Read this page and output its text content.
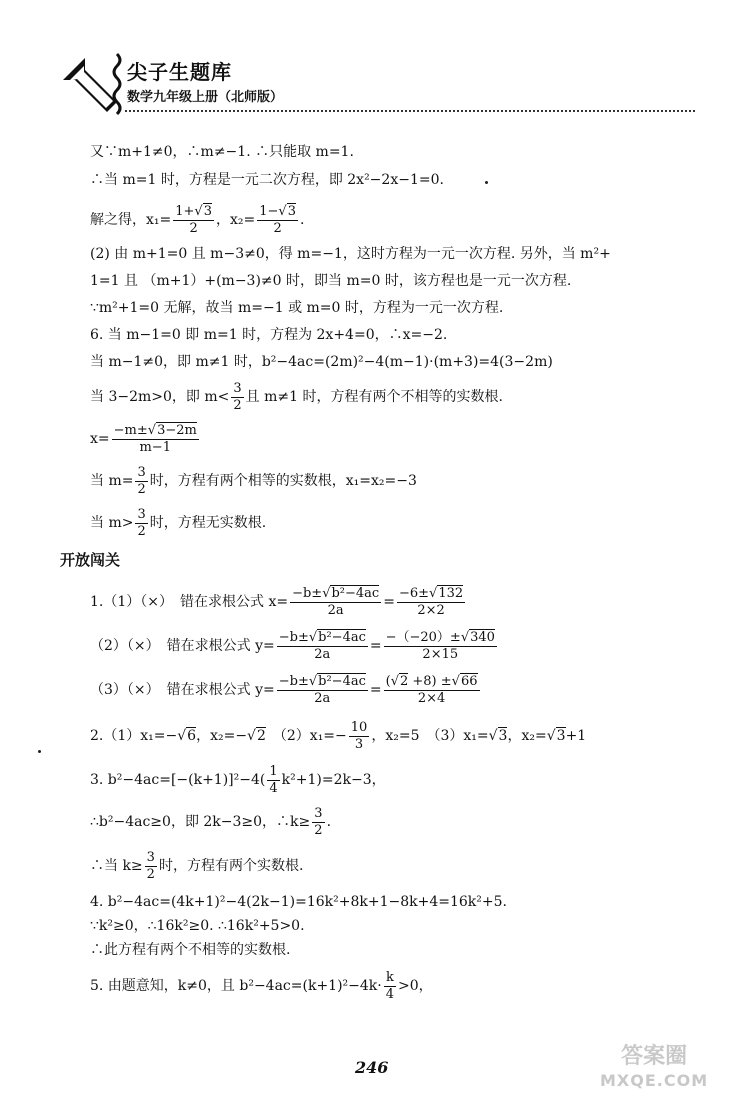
尖子生题库
数学九年级上册（北师版）
又∵m+1≠0，∴m≠−1. ∴只能取 m=1.
∴当 m=1 时，方程是一元二次方程，即 2x²−2x−1=0.
解之得，$x_1= \frac{1+√3}{2}$ ，$x_2= \frac{1-√3}{2}$ .
(2) 由 m+1=0 且 m−3≠0，得 m=−1，这时方程为一元一次方程. 另外，当 m²+
1=1 且 （m+1）+(m−3)≠0 时，即当 m=0 时，该方程也是一元一次方程.
∵m²+1=0 无解，故当 m=−1 或 m=0 时，方程为一元一次方程.
6. 当 m−1=0 即 m=1 时，方程为 2x+4=0，∴x=−2.
当 m−1≠0，即 m≠1 时，b²−4ac=(2m)²−4(m−1)·(m+3)=4(3−2m)
当 3−2m>0，即 $m< \frac{3}{2}$ 且 m≠1 时，方程有两个不相等的实数根.
$x= \frac{-m\pm√3-2m}{m-1}$
当 $m= \frac{3}{2}$ 时，方程有两个相等的实数根，x₁=x₂=−3
当 $m> \frac{3}{2}$ 时，方程无实数根.
开放闯关
1.（1）（×）　错在求根公式 $x= \frac{\text{−b±√b²−4ac}}{2a} = \frac{-6\pm√132}{2\times 2}$
（2）（×）　错在求根公式 $y= \frac{\text{−b±√b²−4ac}}{2a} = \frac{-(-20)\pm√340}{2\times 15}$
（3）（×）　错在求根公式 $y= \frac{\text{−b±√b²−4ac}}{2a} = \frac{(√2 +8) \pm√66}{2\times 4}$
2.（1）x₁=−√6，x₂=−√2　$(2)x_1=- \frac{10}{3}$ ，x₂=5　（3）x₁=√3，x₂=√3+1
3. $b^2-4ac=[-(k+1)]^2-4( \frac{1}{4} k^2+1)=2k-3$，
∴b²−4ac≥0，即 2k−3≥0，∴k≥ $\frac{3}{2}$ .
∴当 $k\ge \frac{3}{2}$ 时，方程有两个实数根.
4. b²−4ac=(4k+1)²−4(2k−1)=16k²+8k+1−8k+4=16k²+5.
∵k²≥0，∴16k²≥0. ∴16k²+5>0.
∴此方程有两个不相等的实数根.
5. 由题意知，k≠0，且 $b^2-4ac=(k+1)^2-4k\cdot \frac{k}{4} >0$，
246	答案圈
MXQE.COM
